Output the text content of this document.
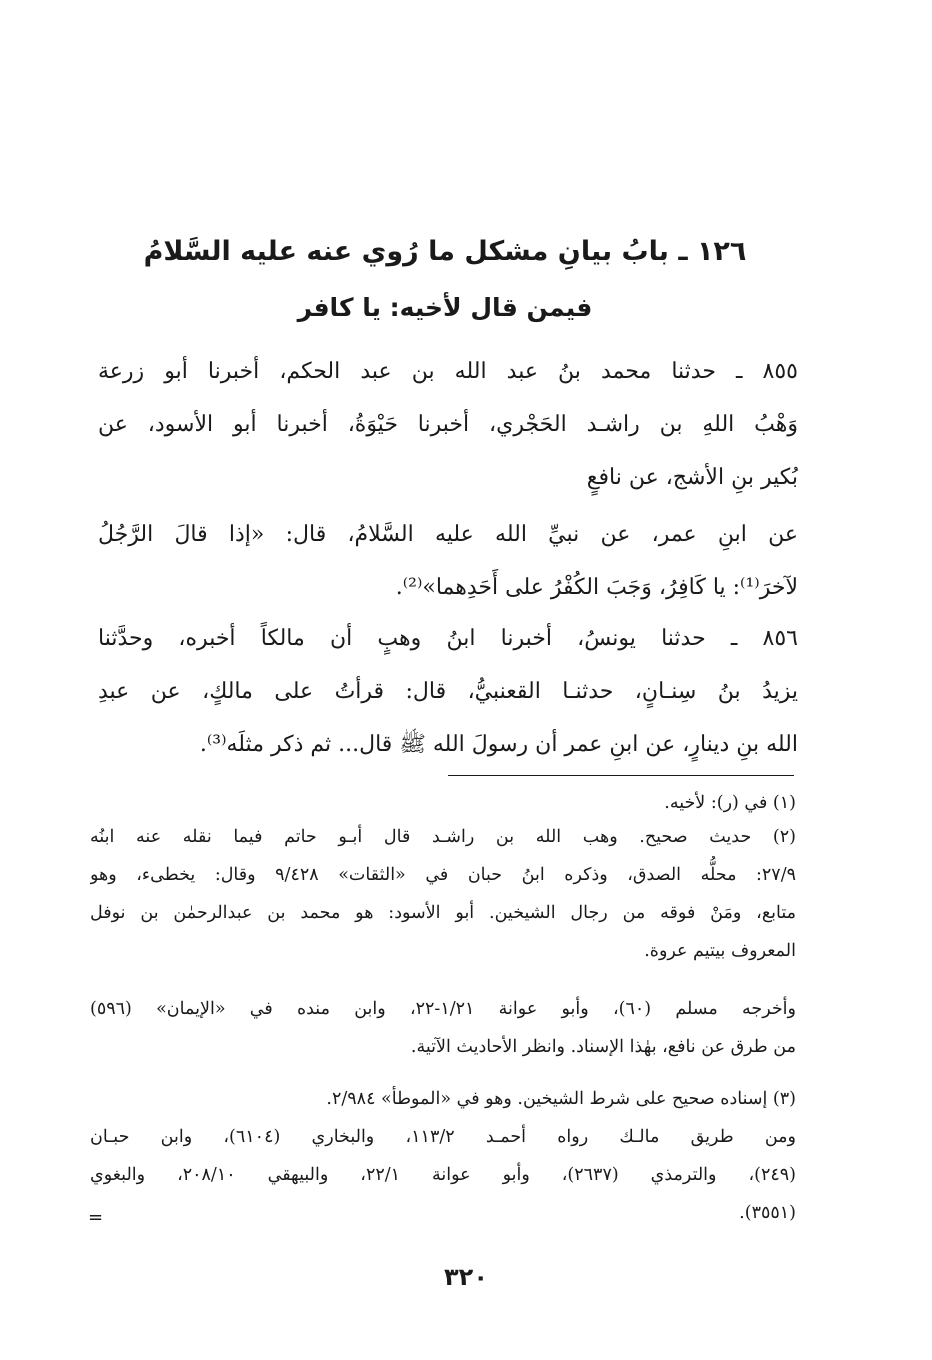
١٢٦ ـ بابُ بيانِ مشكل ما رُوي عنه عليه السَّلامُ
فيمن قال لأخيه: يا كافر
٨٥٥ ـ حدثنا محمد بنُ عبد الله بن عبد الحكم، أخبرنا أبو زرعة
وَهْبُ اللهِ بن راشـد الحَجْري، أخبرنا حَيْوَةُ، أخبرنا أبو الأسود، عن
بُكير بنِ الأشج، عن نافعٍ
عن ابنِ عمر، عن نبيِّ الله عليه السَّلامُ، قال: «إذا قالَ الرَّجُلُ
لآخرَ⁽¹⁾: يا كَافِرُ، وَجَبَ الكُفْرُ على أَحَدِهما»⁽²⁾.
٨٥٦ ـ حدثنا يونسُ، أخبرنا ابنُ وهبٍ أن مالكاً أخبره، وحدَّثنا
يزيدُ بنُ سِنـانٍ، حدثنـا القعنبيُّ، قال: قرأتُ على مالكٍ، عن عبدِ
الله بنِ دينارٍ، عن ابنِ عمر أن رسولَ الله ﷺ قال... ثم ذكر مثلَه⁽³⁾.
(١) في (ر): لأخيه.
(٢) حديث صحيح. وهب الله بن راشـد قال أبـو حاتم فيما نقله عنه ابنُه
٢٧/٩: محلُّه الصدق، وذكره ابنُ حبان في «الثقات» ٩/٤٢٨ وقال: يخطىء، وهو
متابع، ومَنْ فوقه من رجال الشيخين. أبو الأسود: هو محمد بن عبدالرحمٰن بن نوفل
المعروف بيتيم عروة.
وأخرجه مسلم (٦٠)، وأبو عوانة ١/٢١-٢٢، وابن منده في «الإيمان» (٥٩٦)
من طرق عن نافع، بهٰذا الإسناد. وانظر الأحاديث الآتية.
(٣) إسناده صحيح على شرط الشيخين. وهو في «الموطأ» ٢/٩٨٤.
ومن طريق مالـك رواه أحمـد ١١٣/٢، والبخاري (٦١٠٤)، وابن حبـان
(٢٤٩)، والترمذي (٢٦٣٧)، وأبو عوانة ٢٢/١، والبيهقي ٢٠٨/١٠، والبغوي
(٣٥٥١).
=
٣٢٠
